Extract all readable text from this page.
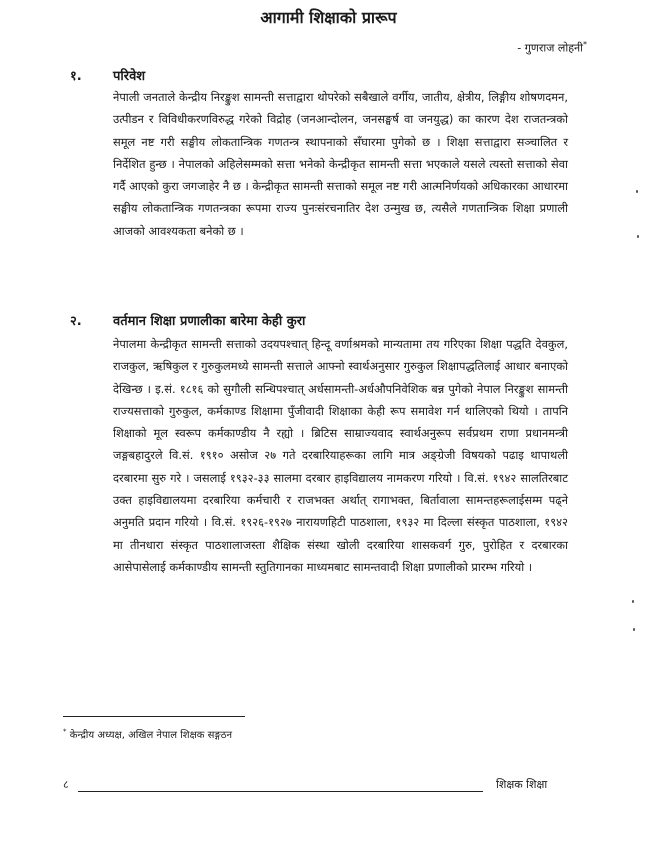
आगामी शिक्षाको प्रारूप
- गुणराज लोहनी*
१. परिवेश
नेपाली जनताले केन्द्रीय निरङ्कुश सामन्ती सत्ताद्वारा थोपरेको सबैखाले वर्गीय, जातीय, क्षेत्रीय, लिङ्गीय शोषणदमन, उत्पीडन र विविधीकरणविरुद्ध गरेको विद्रोह (जनआन्दोलन, जनसङ्घर्ष वा जनयुद्ध) का कारण देश राजतन्त्रको समूल नष्ट गरी सङ्घीय लोकतान्त्रिक गणतन्त्र स्थापनाको सँघारमा पुगेको छ । शिक्षा सत्ताद्वारा सञ्चालित र निर्देशित हुन्छ । नेपालको अहिलेसम्मको सत्ता भनेको केन्द्रीकृत सामन्ती सत्ता भएकाले यसले त्यस्तो सत्ताको सेवा गर्दै आएको कुरा जगजाहेर नै छ । केन्द्रीकृत सामन्ती सत्ताको समूल नष्ट गरी आत्मनिर्णयको अधिकारका आधारमा सङ्घीय लोकतान्त्रिक गणतन्त्रका रूपमा राज्य पुनःसंरचनातिर देश उन्मुख छ, त्यसैले गणतान्त्रिक शिक्षा प्रणाली आजको आवश्यकता बनेको छ ।
२. वर्तमान शिक्षा प्रणालीका बारेमा केही कुरा
नेपालमा केन्द्रीकृत सामन्ती सत्ताको उदयपश्चात् हिन्दू वर्णाश्रमको मान्यतामा तय गरिएका शिक्षा पद्धति देवकुल, राजकुल, ऋषिकुल र गुरुकुलमध्ये सामन्ती सत्ताले आफ्नो स्वार्थअनुसार गुरुकुल शिक्षापद्धतिलाई आधार बनाएको देखिन्छ । इ.सं. १८१६ को सुगौली सन्धिपश्चात् अर्धसामन्ती-अर्धऔपनिवेशिक बन्न पुगेको नेपाल निरङ्कुश सामन्ती राज्यसत्ताको गुरुकुल, कर्मकाण्ड शिक्षामा पुँजीवादी शिक्षाका केही रूप समावेश गर्न थालिएको थियो । तापनि शिक्षाको मूल स्वरूप कर्मकाण्डीय नै रह्यो । ब्रिटिस साम्राज्यवाद स्वार्थअनुरूप सर्वप्रथम राणा प्रधानमन्त्री जङ्गबहादुरले वि.सं. १९१० असोज २७ गते दरबारियाहरूका लागि मात्र अङ्ग्रेजी विषयको पढाइ थापाथली दरबारमा सुरु गरे । जसलाई १९३२-३३ सालमा दरबार हाइविद्यालय नामकरण गरियो । वि.सं. १९४२ सालतिरबाट उक्त हाइविद्यालयमा दरबारिया कर्मचारी र राजभक्त अर्थात् रागाभक्त, बिर्तावाला सामन्तहरूलाईसम्म पढ्ने अनुमति प्रदान गरियो । वि.सं. १९२६-१९२७ नारायणहिटी पाठशाला, १९३२ मा दिल्ला संस्कृत पाठशाला, १९४२ मा तीनधारा संस्कृत पाठशालाजस्ता शैक्षिक संस्था खोली दरबारिया शासकवर्ग गुरु, पुरोहित र दरबारका आसेपासेलाई कर्मकाण्डीय सामन्ती स्तुतिगानका माध्यमबाट सामन्तवादी शिक्षा प्रणालीको प्रारम्भ गरियो ।
* केन्द्रीय अध्यक्ष, अखिल नेपाल शिक्षक सङ्गठन
८	शिक्षक शिक्षा
